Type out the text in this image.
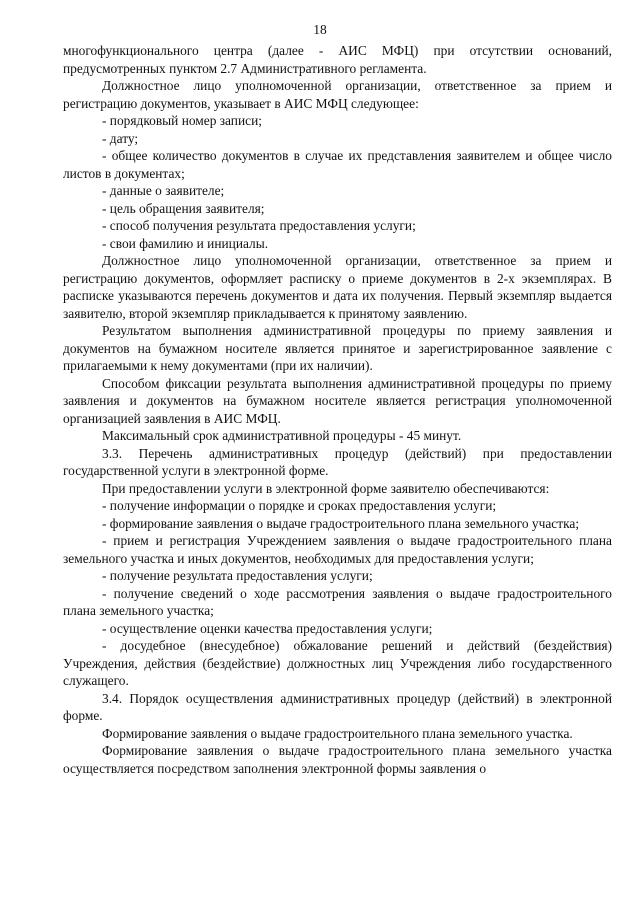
18

многофункционального центра (далее - АИС МФЦ) при отсутствии оснований, предусмотренных пунктом 2.7 Административного регламента.

Должностное лицо уполномоченной организации, ответственное за прием и регистрацию документов, указывает в АИС МФЦ следующее:

- порядковый номер записи;

- дату;

- общее количество документов в случае их представления заявителем и общее число листов в документах;

- данные о заявителе;

- цель обращения заявителя;

- способ получения результата предоставления услуги;

- свои фамилию и инициалы.

Должностное лицо уполномоченной организации, ответственное за прием и регистрацию документов, оформляет расписку о приеме документов в 2-х экземплярах. В расписке указываются перечень документов и дата их получения. Первый экземпляр выдается заявителю, второй экземпляр прикладывается к принятому заявлению.

Результатом выполнения административной процедуры по приему заявления и документов на бумажном носителе является принятое и зарегистрированное заявление с прилагаемыми к нему документами (при их наличии).

Способом фиксации результата выполнения административной процедуры по приему заявления и документов на бумажном носителе является регистрация уполномоченной организацией заявления в АИС МФЦ.

Максимальный срок административной процедуры - 45 минут.

3.3. Перечень административных процедур (действий) при предоставлении государственной услуги в электронной форме.

При предоставлении услуги в электронной форме заявителю обеспечиваются:

- получение информации о порядке и сроках предоставления услуги;

- формирование заявления о выдаче градостроительного плана земельного участка;

- прием и регистрация Учреждением заявления о выдаче градостроительного плана земельного участка и иных документов, необходимых для предоставления услуги;

- получение результата предоставления услуги;

- получение сведений о ходе рассмотрения заявления о выдаче градостроительного плана земельного участка;

- осуществление оценки качества предоставления услуги;

- досудебное (внесудебное) обжалование решений и действий (бездействия) Учреждения, действия (бездействие) должностных лиц Учреждения либо государственного служащего.

3.4. Порядок осуществления административных процедур (действий) в электронной форме.

Формирование заявления о выдаче градостроительного плана земельного участка.

Формирование заявления о выдаче градостроительного плана земельного участка осуществляется посредством заполнения электронной формы заявления о
